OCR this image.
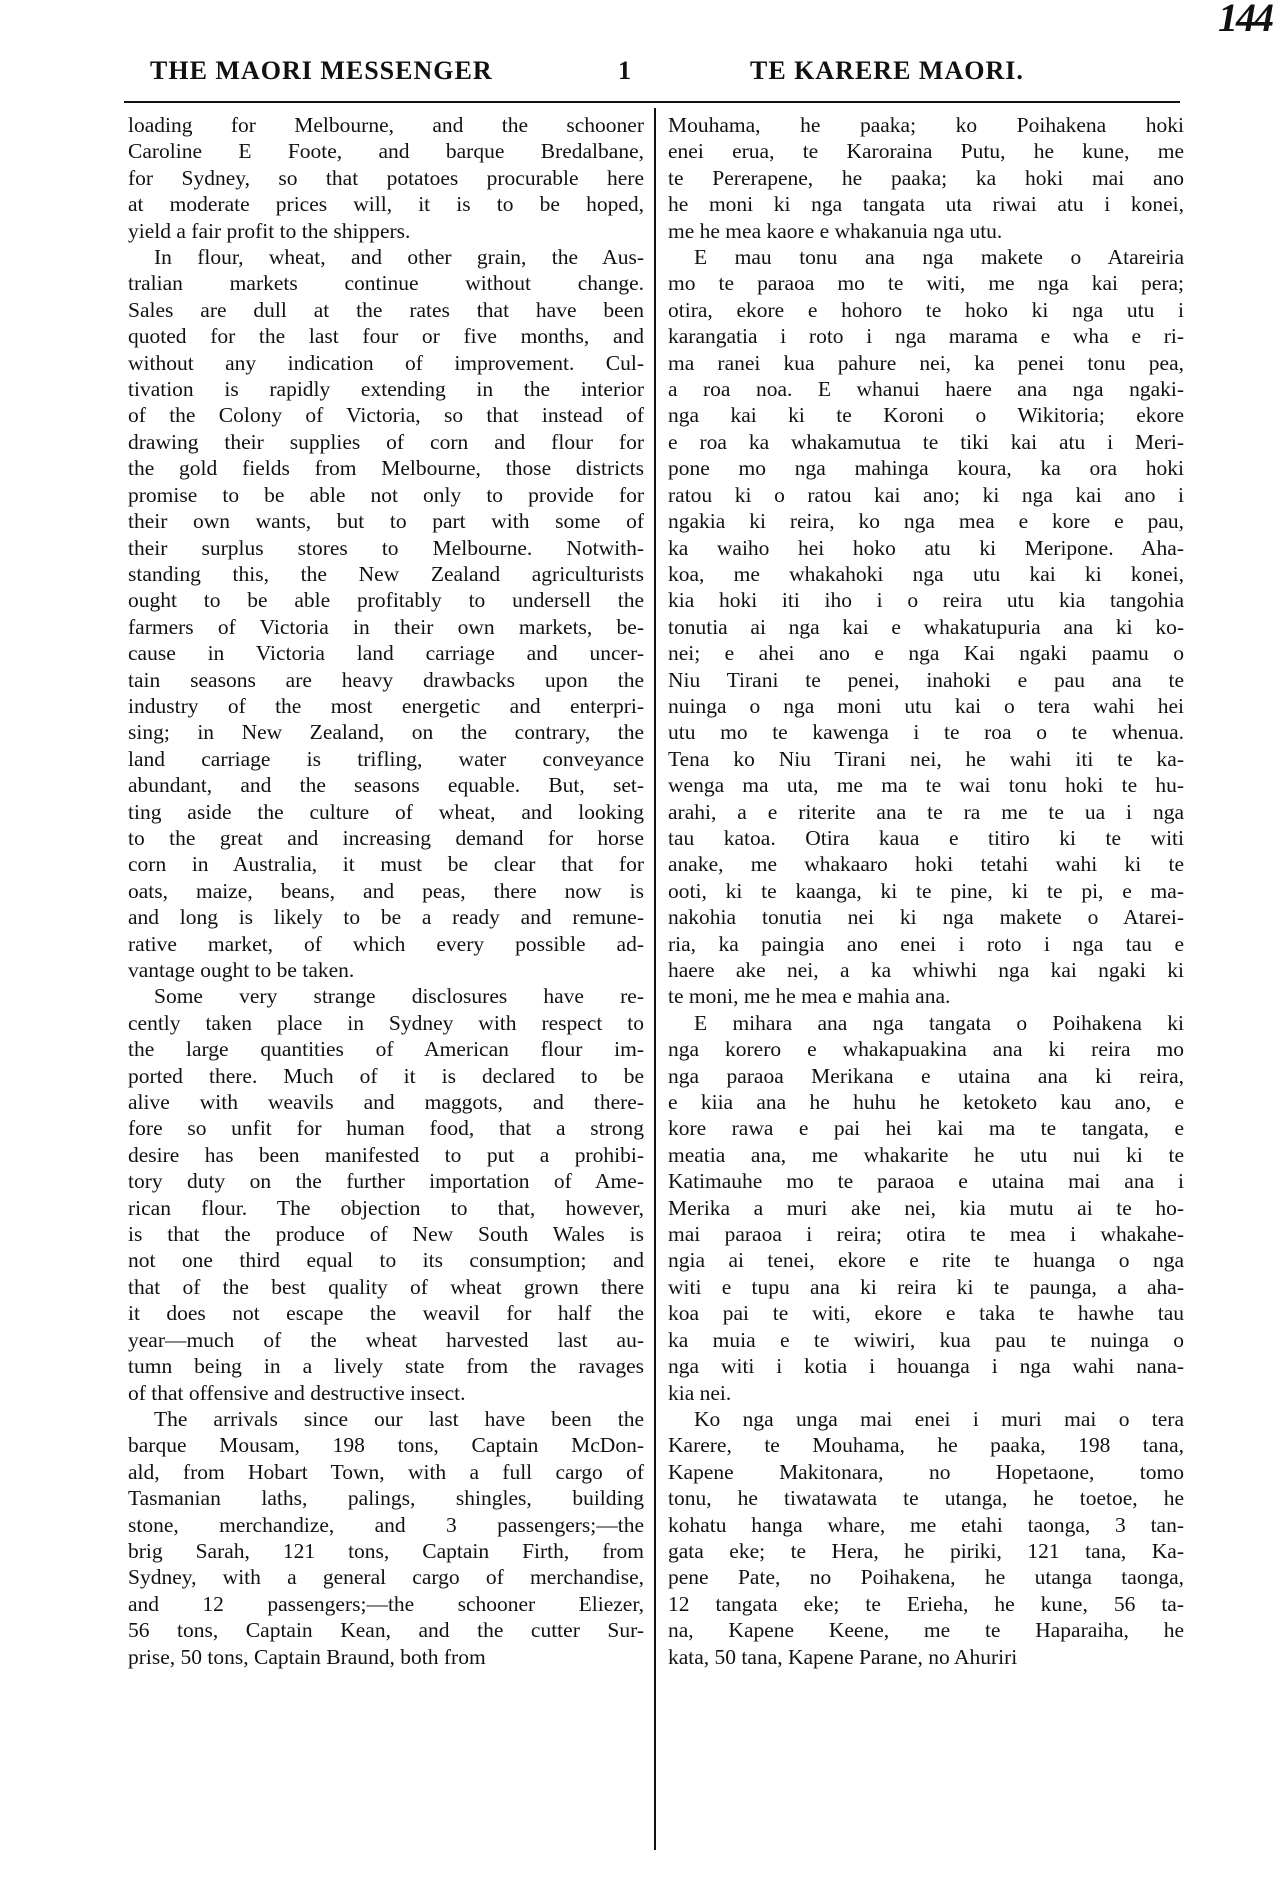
144
THE MAORI MESSENGER	1	TE KARERE MAORI.

loading for Melbourne, and the schooner
Caroline E Foote, and barque Bredalbane,
for Sydney, so that potatoes procurable here
at moderate prices will, it is to be hoped,
yield a fair profit to the shippers.

In flour, wheat, and other grain, the Aus-
tralian markets continue without change.
Sales are dull at the rates that have been
quoted for the last four or five months, and
without any indication of improvement. Cul-
tivation is rapidly extending in the interior
of the Colony of Victoria, so that instead of
drawing their supplies of corn and flour for
the gold fields from Melbourne, those districts
promise to be able not only to provide for
their own wants, but to part with some of
their surplus stores to Melbourne. Notwith-
standing this, the New Zealand agriculturists
ought to be able profitably to undersell the
farmers of Victoria in their own markets, be-
cause in Victoria land carriage and uncer-
tain seasons are heavy drawbacks upon the
industry of the most energetic and enterpri-
sing; in New Zealand, on the contrary, the
land carriage is trifling, water conveyance
abundant, and the seasons equable. But, set-
ting aside the culture of wheat, and looking
to the great and increasing demand for horse
corn in Australia, it must be clear that for
oats, maize, beans, and peas, there now is
and long is likely to be a ready and remune-
rative market, of which every possible ad-
vantage ought to be taken.

Some very strange disclosures have re-
cently taken place in Sydney with respect to
the large quantities of American flour im-
ported there. Much of it is declared to be
alive with weavils and maggots, and there-
fore so unfit for human food, that a strong
desire has been manifested to put a prohibi-
tory duty on the further importation of Ame-
rican flour. The objection to that, however,
is that the produce of New South Wales is
not one third equal to its consumption; and
that of the best quality of wheat grown there
it does not escape the weavil for half the
year—much of the wheat harvested last au-
tumn being in a lively state from the ravages
of that offensive and destructive insect.

The arrivals since our last have been the
barque Mousam, 198 tons, Captain McDon-
ald, from Hobart Town, with a full cargo of
Tasmanian laths, palings, shingles, building
stone, merchandize, and 3 passengers;—the
brig Sarah, 121 tons, Captain Firth, from
Sydney, with a general cargo of merchandise,
and 12 passengers;—the schooner Eliezer,
56 tons, Captain Kean, and the cutter Sur-
prise, 50 tons, Captain Braund, both from

Mouhama, he paaka; ko Poihakena hoki
enei erua, te Karoraina Putu, he kune, me
te Pererapene, he paaka; ka hoki mai ano
he moni ki nga tangata uta riwai atu i konei,
me he mea kaore e whakanuia nga utu.

E mau tonu ana nga makete o Atareiria
mo te paraoa mo te witi, me nga kai pera;
otira, ekore e hohoro te hoko ki nga utu i
karangatia i roto i nga marama e wha e ri-
ma ranei kua pahure nei, ka penei tonu pea,
a roa noa. E whanui haere ana nga ngaki-
nga kai ki te Koroni o Wikitoria; ekore
e roa ka whakamutua te tiki kai atu i Meri-
pone mo nga mahinga koura, ka ora hoki
ratou ki o ratou kai ano; ki nga kai ano i
ngakia ki reira, ko nga mea e kore e pau,
ka waiho hei hoko atu ki Meripone. Aha-
koa, me whakahoki nga utu kai ki konei,
kia hoki iti iho i o reira utu kia tangohia
tonutia ai nga kai e whakatupuria ana ki ko-
nei; e ahei ano e nga Kai ngaki paamu o
Niu Tirani te penei, inahoki e pau ana te
nuinga o nga moni utu kai o tera wahi hei
utu mo te kawenga i te roa o te whenua.
Tena ko Niu Tirani nei, he wahi iti te ka-
wenga ma uta, me ma te wai tonu hoki te hu-
arahi, a e riterite ana te ra me te ua i nga
tau katoa. Otira kaua e titiro ki te witi
anake, me whakaaro hoki tetahi wahi ki te
ooti, ki te kaanga, ki te pine, ki te pi, e ma-
nakohia tonutia nei ki nga makete o Atarei-
ria, ka paingia ano enei i roto i nga tau e
haere ake nei, a ka whiwhi nga kai ngaki ki
te moni, me he mea e mahia ana.

E mihara ana nga tangata o Poihakena ki
nga korero e whakapuakina ana ki reira mo
nga paraoa Merikana e utaina ana ki reira,
e kiia ana he huhu he ketoketo kau ano, e
kore rawa e pai hei kai ma te tangata, e
meatia ana, me whakarite he utu nui ki te
Katimauhe mo te paraoa e utaina mai ana i
Merika a muri ake nei, kia mutu ai te ho-
mai paraoa i reira; otira te mea i whakahe-
ngia ai tenei, ekore e rite te huanga o nga
witi e tupu ana ki reira ki te paunga, a aha-
koa pai te witi, ekore e taka te hawhe tau
ka muia e te wiwiri, kua pau te nuinga o
nga witi i kotia i houanga i nga wahi nana-
kia nei.

Ko nga unga mai enei i muri mai o tera
Karere, te Mouhama, he paaka, 198 tana,
Kapene Makitonara, no Hopetaone, tomo
tonu, he tiwatawata te utanga, he toetoe, he
kohatu hanga whare, me etahi taonga, 3 tan-
gata eke; te Hera, he piriki, 121 tana, Ka-
pene Pate, no Poihakena, he utanga taonga,
12 tangata eke; te Erieha, he kune, 56 ta-
na, Kapene Keene, me te Haparaiha, he
kata, 50 tana, Kapene Parane, no Ahuriri
